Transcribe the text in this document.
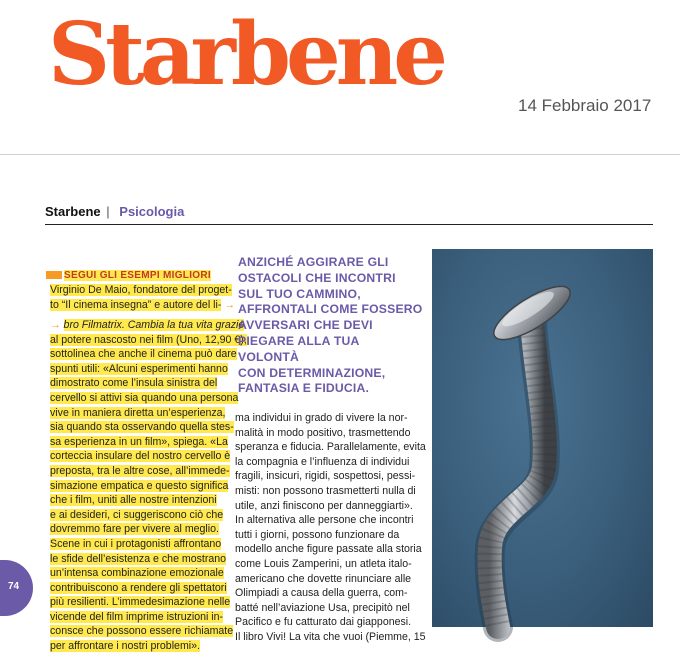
Starbene
14 Febbraio 2017
Starbene | Psicologia
SEGUI GLI ESEMPI MIGLIORI
Virginio De Maio, fondatore del proget-
to “Il cinema insegna” e autore del li- →
→ bro Filmatrix. Cambia la tua vita grazie
al potere nascosto nei film (Uno, 12,90 €),
sottolinea che anche il cinema può dare
spunti utili: «Alcuni esperimenti hanno
dimostrato come l’insula sinistra del
cervello si attivi sia quando una persona
vive in maniera diretta un’esperienza,
sia quando sta osservando quella stes-
sa esperienza in un film», spiega. «La
corteccia insulare del nostro cervello è
preposta, tra le altre cose, all’immede-
simazione empatica e questo significa
che i film, uniti alle nostre intenzioni
e ai desideri, ci suggeriscono ciò che
dovremmo fare per vivere al meglio.
Scene in cui i protagonisti affrontano
le sfide dell’esistenza e che mostrano
un’intensa combinazione emozionale
contribuiscono a rendere gli spettatori
più resilienti. L’immedesimazione nelle
vicende del film imprime istruzioni in-
consce che possono essere richiamate
per affrontare i nostri problemi».
ANZICHÉ AGGIRARE GLI
OSTACOLI CHE INCONTRI
SUL TUO CAMMINO,
AFFRONTALI COME FOSSERO
AVVERSARI CHE DEVI
PIEGARE ALLA TUA VOLONTÀ
CON DETERMINAZIONE,
FANTASIA E FIDUCIA.
ma individui in grado di vivere la nor-
malità in modo positivo, trasmettendo
speranza e fiducia. Parallelamente, evita
la compagnia e l’influenza di individui
fragili, insicuri, rigidi, sospettosi, pessi-
misti: non possono trasmetterti nulla di
utile, anzi finiscono per danneggiarti».
In alternativa alle persone che incontri
tutti i giorni, possono funzionare da
modello anche figure passate alla storia
come Louis Zamperini, un atleta italo-
americano che dovette rinunciare alle
Olimpiadi a causa della guerra, com-
batté nell’aviazione Usa, precipitò nel
Pacifico e fu catturato dai giapponesi.
Il libro Vivi! La vita che vuoi (Piemme, 15
74
